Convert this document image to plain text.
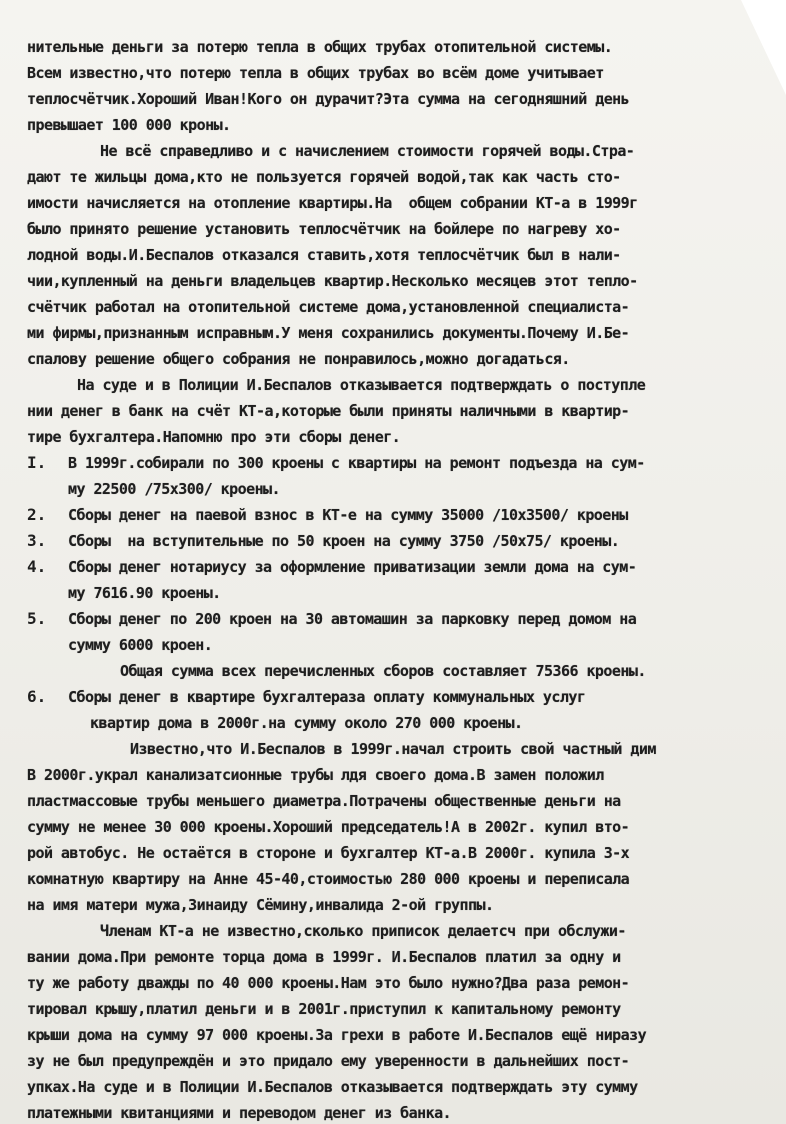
нительные деньги за потерю тепла в общих трубах отопительной системы.
Всем известно,что потерю тепла в общих трубах во всём доме учитывает
теплосчётчик.Хороший Иван!Кого он дурачит?Эта сумма на сегодняшний день
превышает 100 000 кроны.
Не всё справедливо и с начислением стоимости горячей воды.Стра-
дают те жильцы дома,кто не пользуется горячей водой,так как часть сто-
имости начисляется на отопление квартиры.На  общем собрании КТ-а в 1999г
было принято решение установить теплосчётчик на бойлере по нагреву хо-
лодной воды.И.Беспалов отказался ставить,хотя теплосчётчик был в нали-
чии,купленный на деньги владельцев квартир.Несколько месяцев этот тепло-
счётчик работал на отопительной системе дома,установленной специалиста-
ми фирмы,признанным исправным.У меня сохранились документы.Почему И.Бе-
спалову решение общего собрания не понравилось,можно догадаться.
На суде и в Полиции И.Беспалов отказывается подтверждать о поступле
нии денег в банк на счёт КТ-а,которые были приняты наличными в квартир-
тире бухгалтера.Напомню про эти сборы денег.
I. В 1999г.собирали по 300 кроены с квартиры на ремонт подъезда на сум-
му 22500 /75х300/ кроены.
2. Сборы денег на паевой взнос в КТ-е на сумму 35000 /10х3500/ кроены
3. Сборы  на вступительные по 50 кроен на сумму 3750 /50х75/ кроены.
4. Сборы денег нотариусу за оформление приватизации земли дома на сум-
му 7616.90 кроены.
5. Сборы денег по 200 кроен на 30 автомашин за парковку перед домом на
сумму 6000 кроен.
Общая сумма всех перечисленных сборов составляет 75366 кроены.
6. Сборы денег в квартире бухгалтераза оплату коммунальных услуг
квартир дома в 2000г.на сумму около 270 000 кроены.
Известно,что И.Беспалов в 1999г.начал строить свой частный дим
В 2000г.украл канализатсионные трубы лдя своего дома.В замен положил
пластмассовые трубы меньшего диаметра.Потрачены общественные деньги на
сумму не менее 30 000 кроены.Хороший председатель!А в 2002г. купил вто-
рой автобус. Не остаётся в стороне и бухгалтер КТ-а.В 2000г. купила 3-х
комнатную квартиру на Анне 45-40,стоимостью 280 000 кроены и переписала
на имя матери мужа,Зинаиду Сёмину,инвалида 2-ой группы.
Членам КТ-а не известно,сколько приписок делаетсч при обслужи-
вании дома.При ремонте торца дома в 1999г. И.Беспалов платил за одну и
ту же работу дважды по 40 000 кроены.Нам это было нужно?Два раза ремон-
тировал крышу,платил деньги и в 2001г.приступил к капитальному ремонту
крыши дома на сумму 97 000 кроены.За грехи в работе И.Беспалов ещё ниразу
зу не был предупреждён и это придало ему уверенности в дальнейших пост-
упках.На суде и в Полиции И.Беспалов отказывается подтверждать эту сумму
платежными квитанциями и переводом денег из банка.
